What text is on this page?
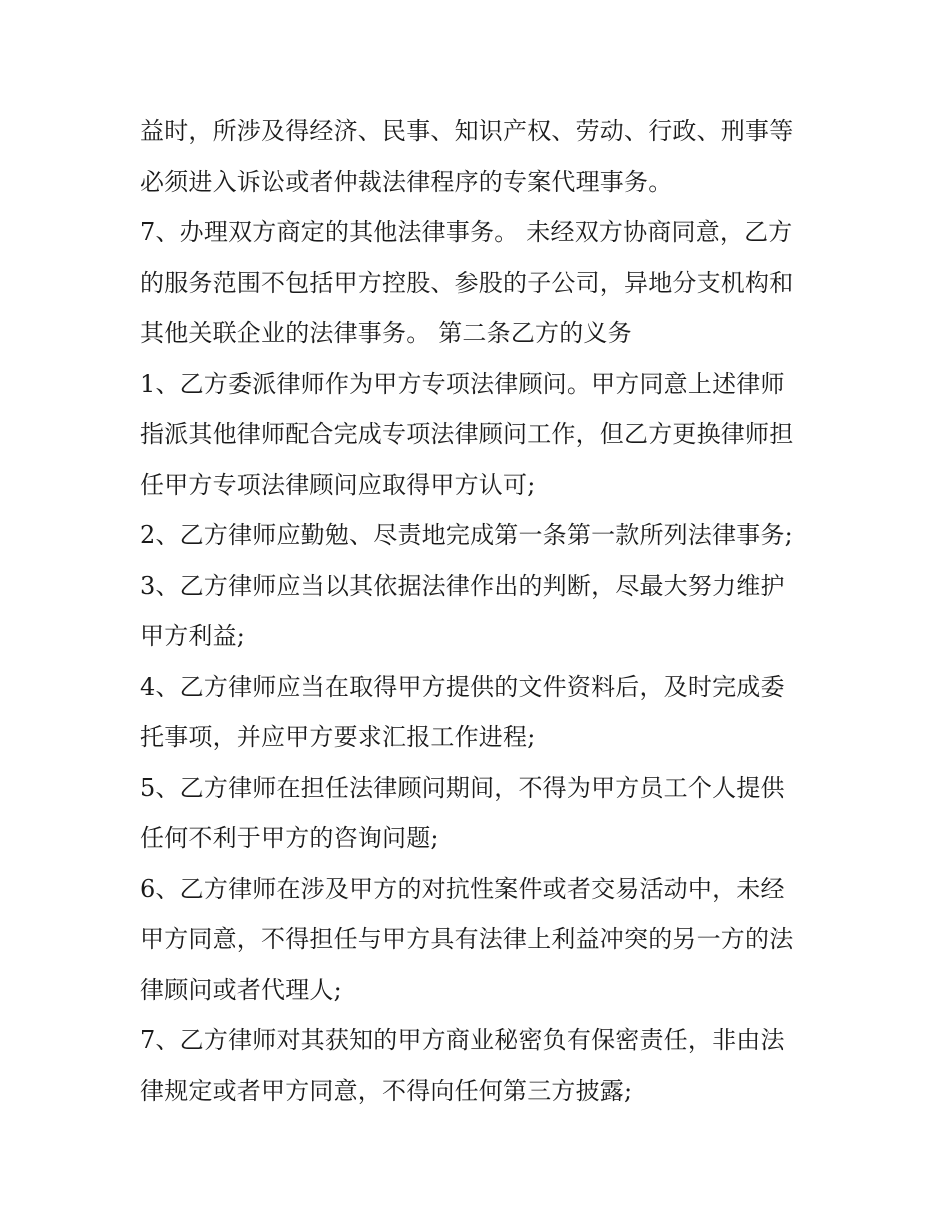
益时，所涉及得经济、民事、知识产权、劳动、行政、刑事等
必须进入诉讼或者仲裁法律程序的专案代理事务。
7、办理双方商定的其他法律事务。 未经双方协商同意，乙方
的服务范围不包括甲方控股、参股的子公司，异地分支机构和
其他关联企业的法律事务。 第二条乙方的义务
1、乙方委派律师作为甲方专项法律顾问。甲方同意上述律师
指派其他律师配合完成专项法律顾问工作，但乙方更换律师担
任甲方专项法律顾问应取得甲方认可;
2、乙方律师应勤勉、尽责地完成第一条第一款所列法律事务;
3、乙方律师应当以其依据法律作出的判断，尽最大努力维护
甲方利益;
4、乙方律师应当在取得甲方提供的文件资料后，及时完成委
托事项，并应甲方要求汇报工作进程;
5、乙方律师在担任法律顾问期间，不得为甲方员工个人提供
任何不利于甲方的咨询问题;
6、乙方律师在涉及甲方的对抗性案件或者交易活动中，未经
甲方同意，不得担任与甲方具有法律上利益冲突的另一方的法
律顾问或者代理人;
7、乙方律师对其获知的甲方商业秘密负有保密责任，非由法
律规定或者甲方同意，不得向任何第三方披露;
